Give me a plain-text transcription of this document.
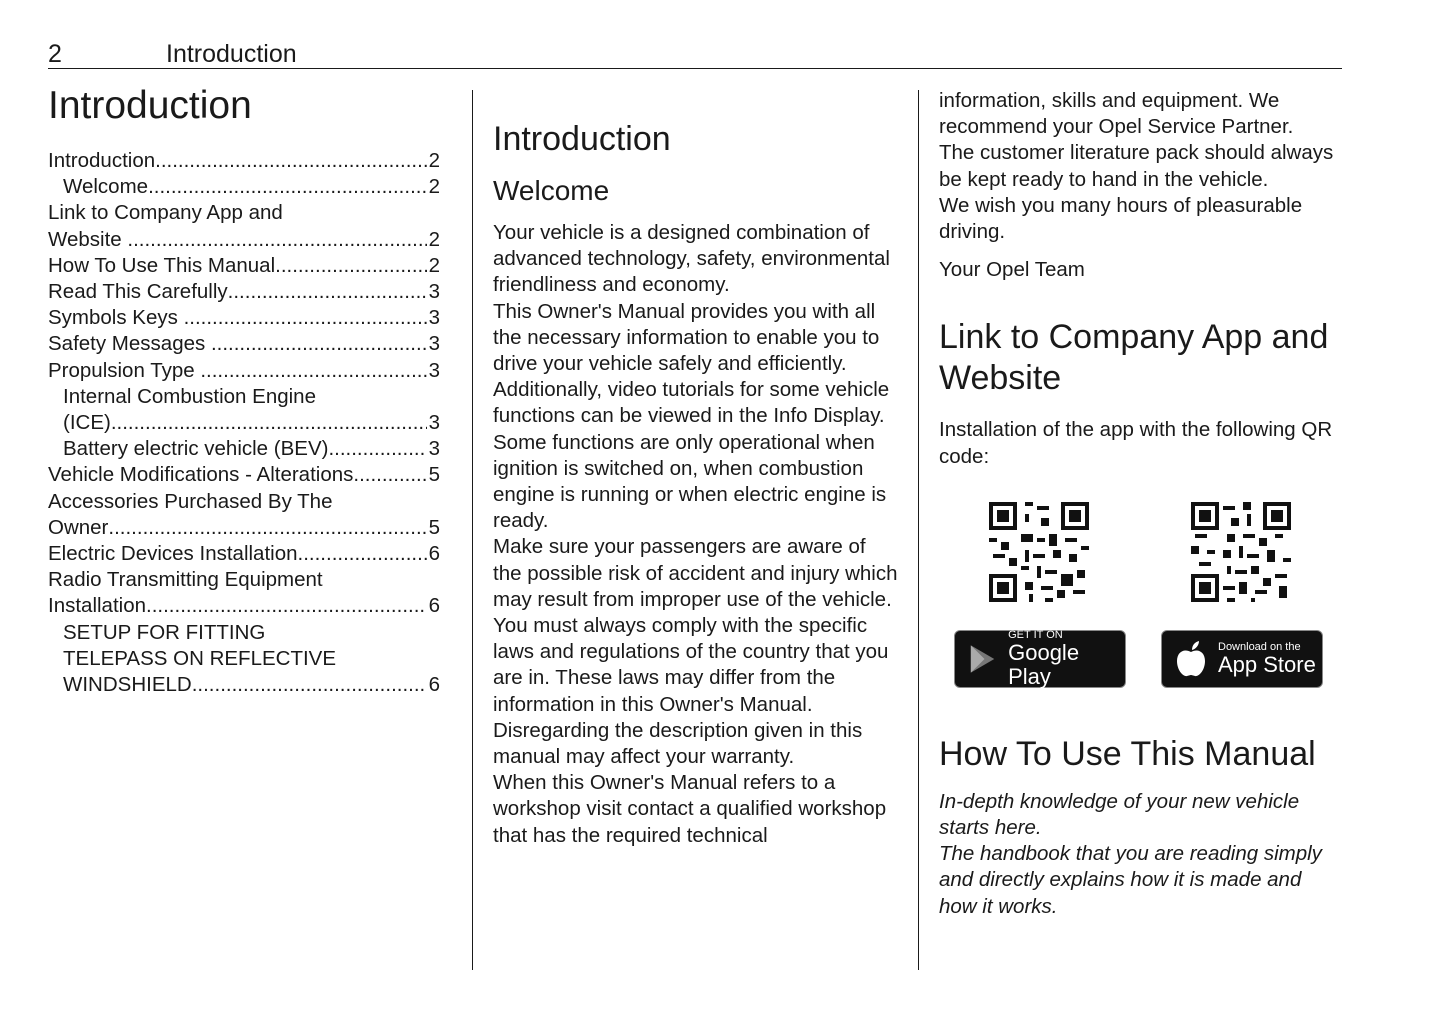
2	Introduction
Introduction
Introduction .....	2
Welcome .....	2
Link to Company App and
Website .....	2
How To Use This Manual .....	2
Read This Carefully .....	3
Symbols Keys .....	3
Safety Messages .....	3
Propulsion Type .....	3
Internal Combustion Engine
(ICE) .....	3
Battery electric vehicle (BEV) .....	3
Vehicle Modifications - Alterations .....	5
Accessories Purchased By The
Owner .....	5
Electric Devices Installation .....	6
Radio Transmitting Equipment
Installation .....	6
SETUP FOR FITTING
TELEPASS ON REFLECTIVE
WINDSHIELD .....	6
Introduction
Welcome

Your vehicle is a designed combination of advanced technology, safety, environmental friendliness and economy.

This Owner's Manual provides you with all the necessary information to enable you to drive your vehicle safely and efficiently.

Additionally, video tutorials for some vehicle functions can be viewed in the Info Display.

Some functions are only operational when ignition is switched on, when combustion engine is running or when electric engine is ready.

Make sure your passengers are aware of the possible risk of accident and injury which may result from improper use of the vehicle.

You must always comply with the specific laws and regulations of the country that you are in. These laws may differ from the information in this Owner's Manual.

Disregarding the description given in this manual may affect your warranty.

When this Owner's Manual refers to a workshop visit contact a qualified workshop that has the required technical

information, skills and equipment. We recommend your Opel Service Partner.

The customer literature pack should always be kept ready to hand in the vehicle.

We wish you many hours of pleasurable driving.

Your Opel Team

Link to Company App and Website

Installation of the app with the following QR code:

GET IT ON
Google Play
Download on the
App Store
How To Use This Manual

In-depth knowledge of your new vehicle starts here.

The handbook that you are reading simply and directly explains how it is made and how it works.
